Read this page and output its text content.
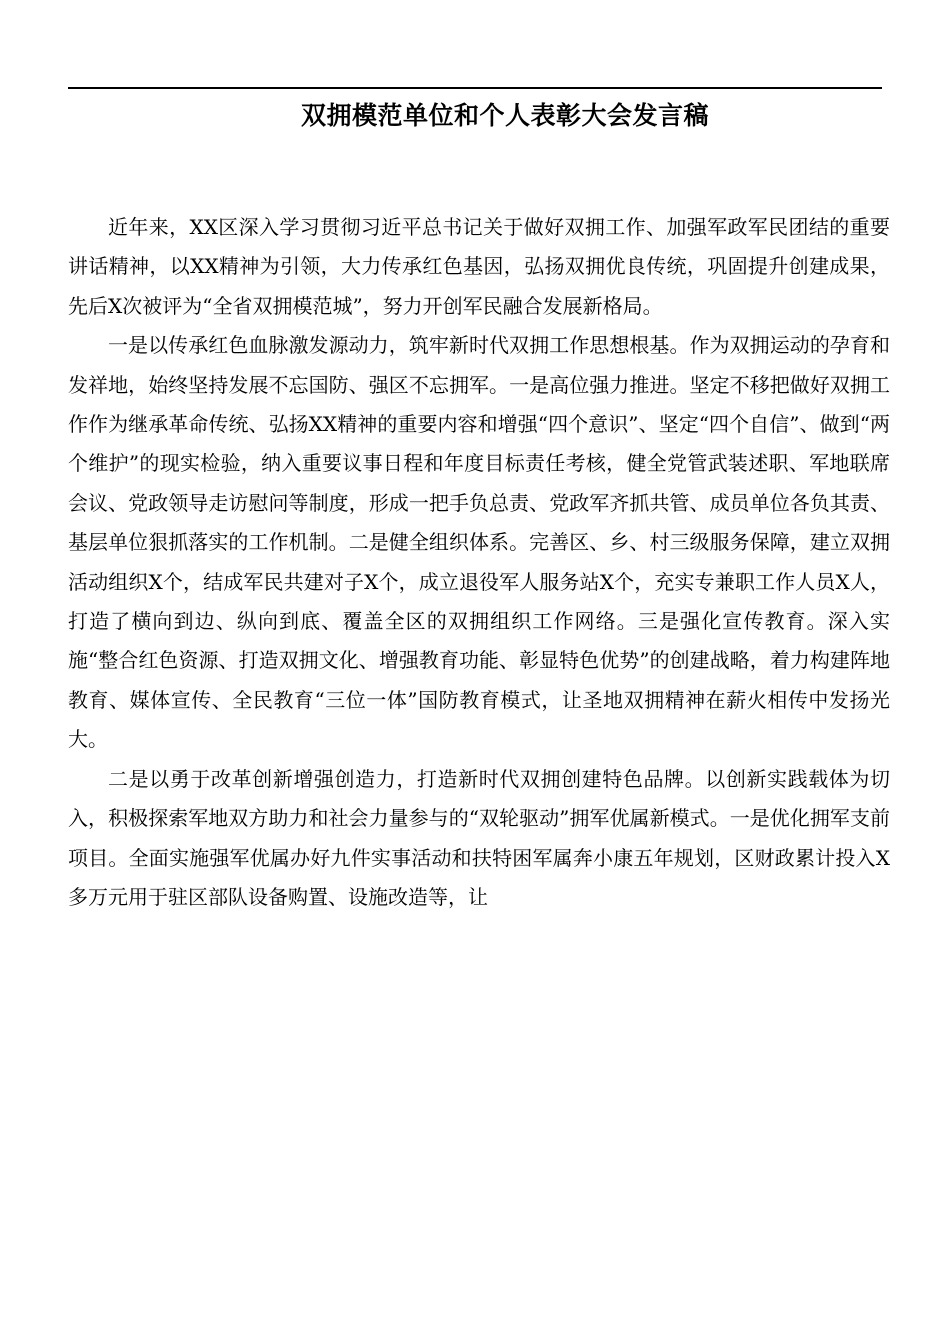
双拥模范单位和个人表彰大会发言稿

近年来，XX区深入学习贯彻习近平总书记关于做好双拥工作、加强军政军民团结的重要讲话精神，以XX精神为引领，大力传承红色基因，弘扬双拥优良传统，巩固提升创建成果，先后X次被评为“全省双拥模范城”，努力开创军民融合发展新格局。

一是以传承红色血脉激发源动力，筑牢新时代双拥工作思想根基。作为双拥运动的孕育和发祥地，始终坚持发展不忘国防、强区不忘拥军。一是高位强力推进。坚定不移把做好双拥工作作为继承革命传统、弘扬XX精神的重要内容和增强“四个意识”、坚定“四个自信”、做到“两个维护”的现实检验，纳入重要议事日程和年度目标责任考核，健全党管武装述职、军地联席会议、党政领导走访慰问等制度，形成一把手负总责、党政军齐抓共管、成员单位各负其责、基层单位狠抓落实的工作机制。二是健全组织体系。完善区、乡、村三级服务保障，建立双拥活动组织X个，结成军民共建对子X个，成立退役军人服务站X个，充实专兼职工作人员X人，打造了横向到边、纵向到底、覆盖全区的双拥组织工作网络。三是强化宣传教育。深入实施“整合红色资源、打造双拥文化、增强教育功能、彰显特色优势”的创建战略，着力构建阵地教育、媒体宣传、全民教育“三位一体”国防教育模式，让圣地双拥精神在薪火相传中发扬光大。

二是以勇于改革创新增强创造力，打造新时代双拥创建特色品牌。以创新实践载体为切入，积极探索军地双方助力和社会力量参与的“双轮驱动”拥军优属新模式。一是优化拥军支前项目。全面实施强军优属办好九件实事活动和扶特困军属奔小康五年规划，区财政累计投入X多万元用于驻区部队设备购置、设施改造等，让
